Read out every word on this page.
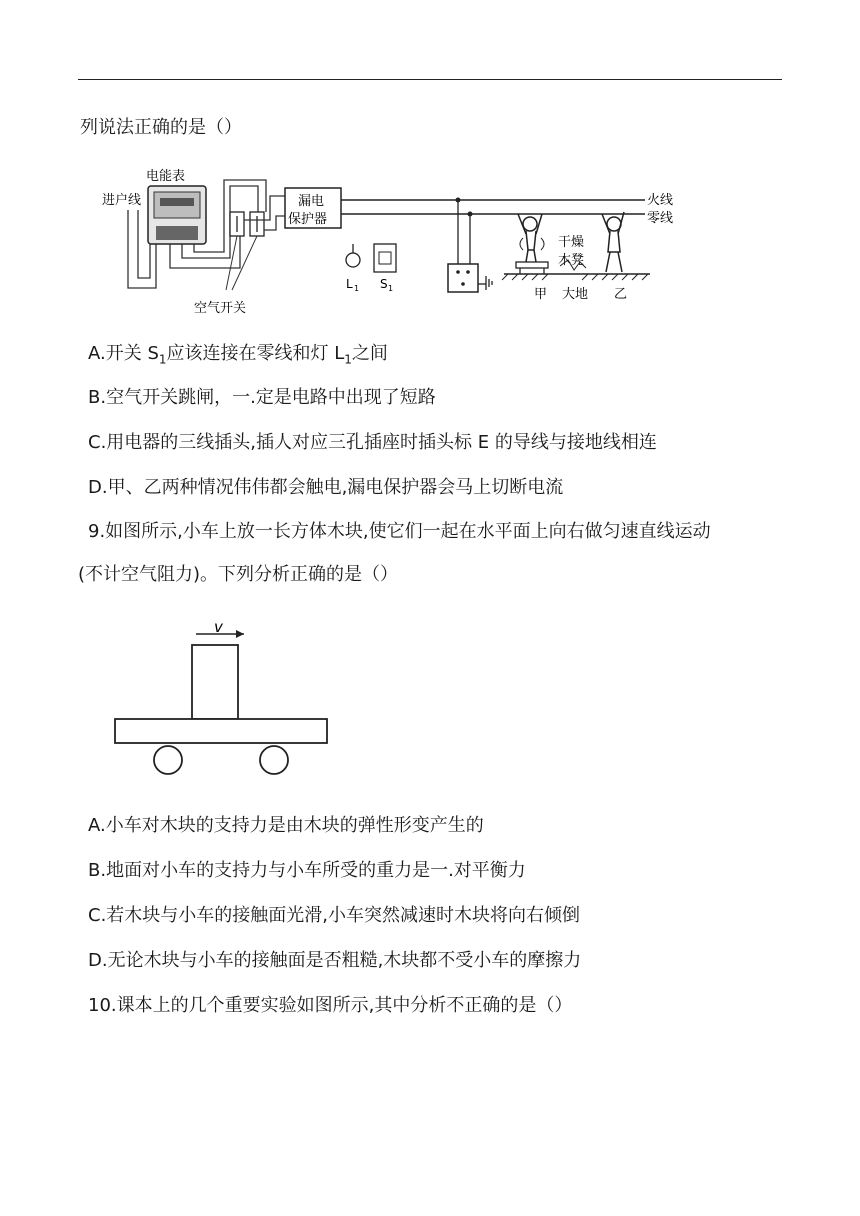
列说法正确的是（）
进户线
电能表
空气开关
漏电
保护器
火线
零线
L 1 S 1
干燥
木凳
甲 大地 乙
A.开关 $S_1$应该连接在零线和灯 $L_1$之间
B.空气开关跳闸，一.定是电路中出现了短路
C.用电器的三线插头,插人对应三孔插座时插头标 E 的导线与接地线相连
D.甲、乙两种情况伟伟都会触电,漏电保护器会马上切断电流
9.如图所示,小车上放一长方体木块,使它们一起在水平面上向右做匀速直线运动
(不计空气阻力)。下列分析正确的是（）
v
A.小车对木块的支持力是由木块的弹性形变产生的
B.地面对小车的支持力与小车所受的重力是一.对平衡力
C.若木块与小车的接触面光滑,小车突然减速时木块将向右倾倒
D.无论木块与小车的接触面是否粗糙,木块都不受小车的摩擦力
10.课本上的几个重要实验如图所示,其中分析不正确的是（）
